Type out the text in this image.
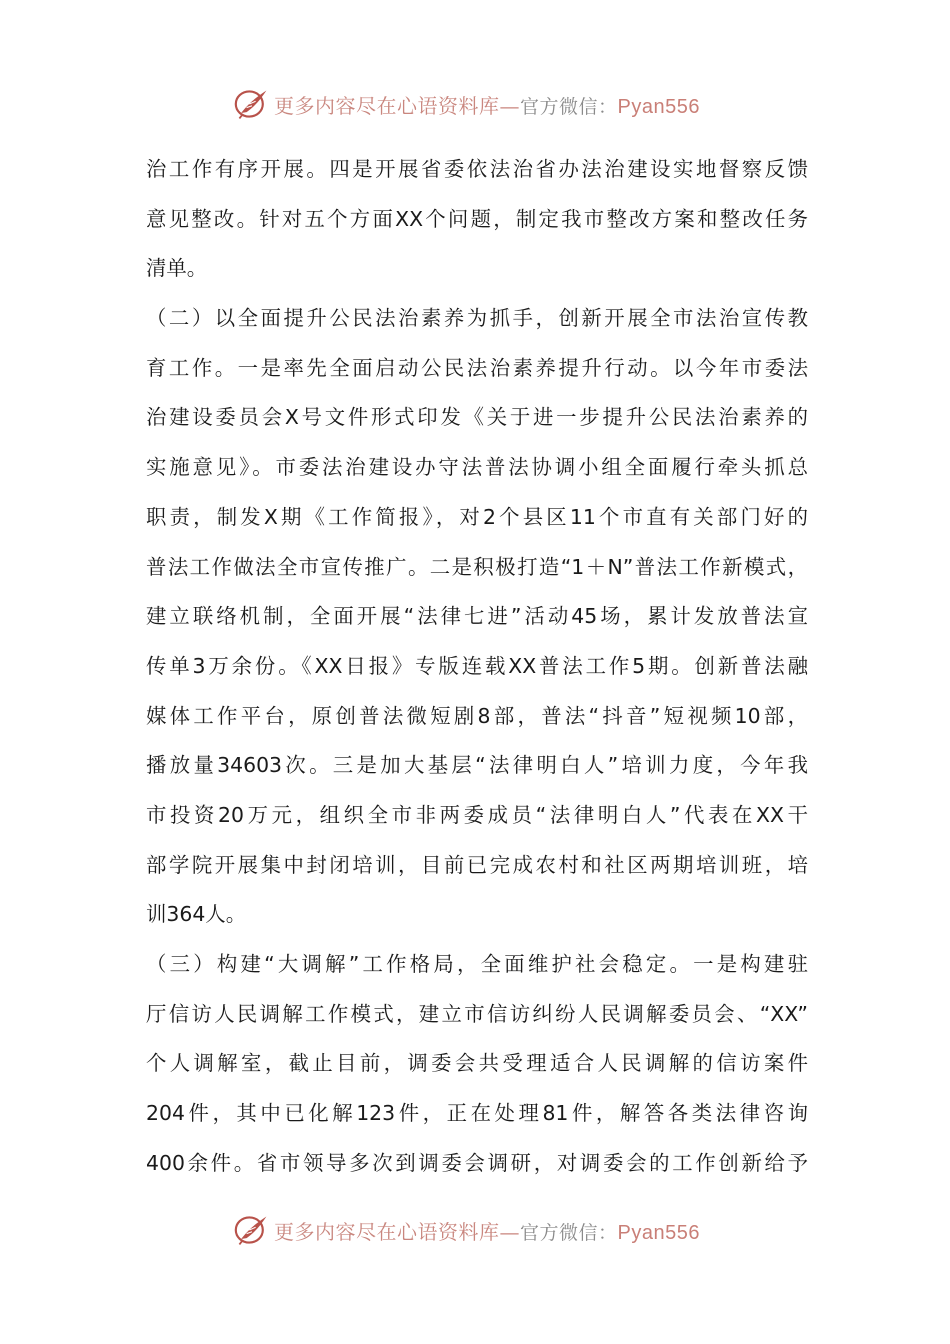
更多内容尽在心语资料库—官方微信：Pyan556
治工作有序开展。四是开展省委依法治省办法治建设实地督察反馈
意见整改。针对五个方面XX个问题，制定我市整改方案和整改任务
清单。
（二）以全面提升公民法治素养为抓手，创新开展全市法治宣传教
育工作。一是率先全面启动公民法治素养提升行动。以今年市委法
治建设委员会X号文件形式印发《关于进一步提升公民法治素养的
实施意见》。市委法治建设办守法普法协调小组全面履行牵头抓总
职责，制发X期《工作简报》，对2个县区11个市直有关部门好的
普法工作做法全市宣传推广。二是积极打造“1＋N”普法工作新模式，
建立联络机制，全面开展“法律七进”活动45场，累计发放普法宣
传单3万余份。《XX日报》专版连载XX普法工作5期。创新普法融
媒体工作平台，原创普法微短剧8部，普法“抖音”短视频10部，
播放量34603次。三是加大基层“法律明白人”培训力度，今年我
市投资20万元，组织全市非两委成员“法律明白人”代表在XX干
部学院开展集中封闭培训，目前已完成农村和社区两期培训班，培
训364人。
（三）构建“大调解”工作格局，全面维护社会稳定。一是构建驻
厅信访人民调解工作模式，建立市信访纠纷人民调解委员会、“XX”
个人调解室，截止目前，调委会共受理适合人民调解的信访案件
204件，其中已化解123件，正在处理81件，解答各类法律咨询
400余件。省市领导多次到调委会调研，对调委会的工作创新给予
更多内容尽在心语资料库—官方微信：Pyan556
